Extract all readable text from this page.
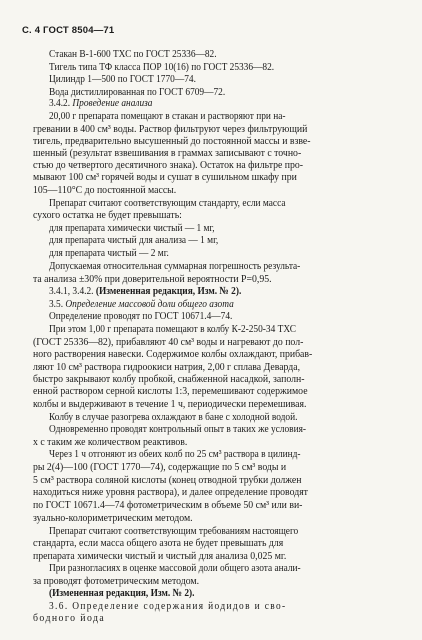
С. 4 ГОСТ 8504—71
Стакан В-1-600 ТХС по ГОСТ 25336—82.
Тигель типа ТФ класса ПОР 10(16) по ГОСТ 25336—82.
Цилиндр 1—500 по ГОСТ 1770—74.
Вода дистиллированная по ГОСТ 6709—72.
3.4.2. Проведение анализа
20,00 г препарата помещают в стакан и растворяют при на-
гревании в 400 см³ воды. Раствор фильтруют через фильтрующий
тигель, предварительно высушенный до постоянной массы и взве-
шенный (результат взвешивания в граммах записывают с точно-
стью до четвертого десятичного знака). Остаток на фильтре про-
мывают 100 см³ горячей воды и сушат в сушильном шкафу при
105—110°С до постоянной массы.
Препарат считают соответствующим стандарту, если масса
сухого остатка не будет превышать:
для препарата химически чистый — 1 мг,
для препарата чистый для анализа — 1 мг,
для препарата чистый — 2 мг.
Допускаемая относительная суммарная погрешность результа-
та анализа ±30% при доверительной вероятности P=0,95.
3.4.1, 3.4.2. (Измененная редакция, Изм. № 2).
3.5. Определение массовой доли общего азота
Определение проводят по ГОСТ 10671.4—74.
При этом 1,00 г препарата помещают в колбу К-2-250-34 ТХС
(ГОСТ 25336—82), прибавляют 40 см³ воды и нагревают до пол-
ного растворения навески. Содержимое колбы охлаждают, прибав-
ляют 10 см³ раствора гидроокиси натрия, 2,00 г сплава Деварда,
быстро закрывают колбу пробкой, снабженной насадкой, заполн-
енной раствором серной кислоты 1:3, перемешивают содержимое
колбы и выдерживают в течение 1 ч, периодически перемешивая.
Колбу в случае разогрева охлаждают в бане с холодной водой.
Одновременно проводят контрольный опыт в таких же условия-
х с таким же количеством реактивов.
Через 1 ч отгоняют из обеих колб по 25 см³ раствора в цилинд-
ры 2(4)—100 (ГОСТ 1770—74), содержащие по 5 см³ воды и
5 см³ раствора соляной кислоты (конец отводной трубки должен
находиться ниже уровня раствора), и далее определение проводят
по ГОСТ 10671.4—74 фотометрическим в объеме 50 см³ или ви-
зуально-колориметрическим методом.
Препарат считают соответствующим требованиям настоящего
стандарта, если масса общего азота не будет превышать для
препарата химически чистый и чистый для анализа 0,025 мг.
При разногласиях в оценке массовой доли общего азота анали-
за проводят фотометрическим методом.
(Измененная редакция, Изм. № 2).
3.6. Определение содержания йодидов и сво-
бодного йода
